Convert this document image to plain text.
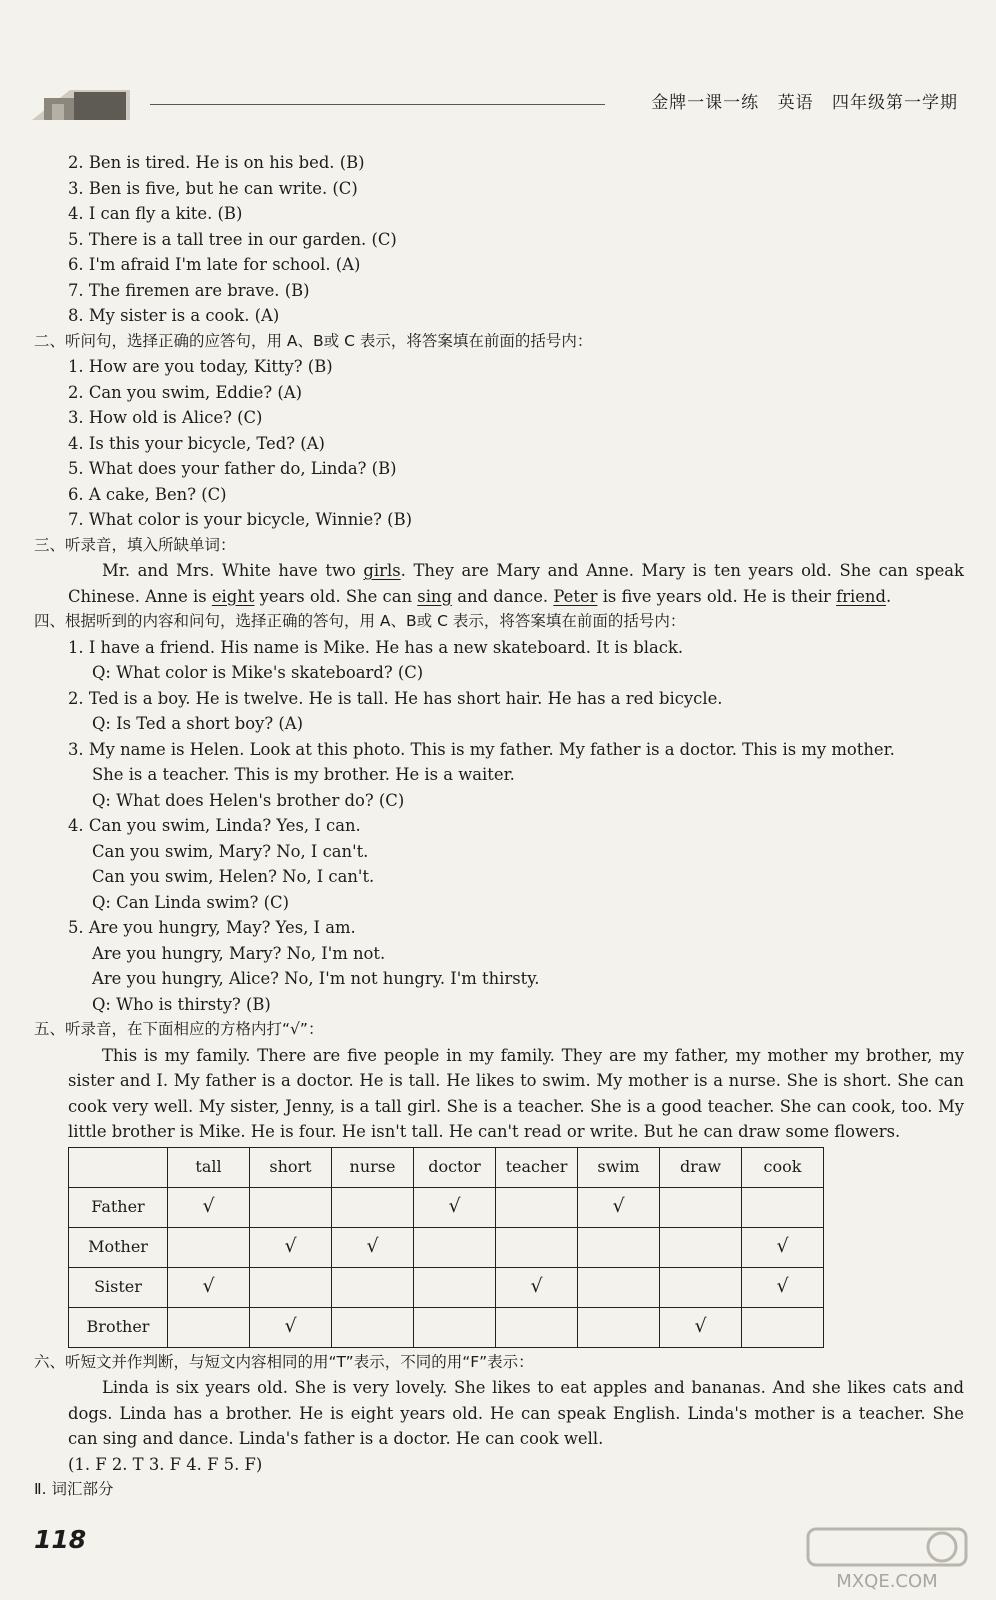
金牌一课一练 英语 四年级第一学期
2. Ben is tired. He is on his bed. (B)
3. Ben is five, but he can write. (C)
4. I can fly a kite. (B)
5. There is a tall tree in our garden. (C)
6. I'm afraid I'm late for school. (A)
7. The firemen are brave. (B)
8. My sister is a cook. (A)
二、听问句，选择正确的应答句，用 A、B或 C 表示，将答案填在前面的括号内：
1. How are you today, Kitty? (B)
2. Can you swim, Eddie? (A)
3. How old is Alice? (C)
4. Is this your bicycle, Ted? (A)
5. What does your father do, Linda? (B)
6. A cake, Ben? (C)
7. What color is your bicycle, Winnie? (B)
三、听录音，填入所缺单词：
Mr. and Mrs. White have two girls. They are Mary and Anne. Mary is ten years old. She can speak Chinese. Anne is eight years old. She can sing and dance. Peter is five years old. He is their friend.
四、根据听到的内容和问句，选择正确的答句，用 A、B或 C 表示，将答案填在前面的括号内：
1. I have a friend. His name is Mike. He has a new skateboard. It is black.
Q: What color is Mike's skateboard? (C)
2. Ted is a boy. He is twelve. He is tall. He has short hair. He has a red bicycle.
Q: Is Ted a short boy? (A)
3. My name is Helen. Look at this photo. This is my father. My father is a doctor. This is my mother.
She is a teacher. This is my brother. He is a waiter.
Q: What does Helen's brother do? (C)
4. Can you swim, Linda? Yes, I can.
Can you swim, Mary? No, I can't.
Can you swim, Helen? No, I can't.
Q: Can Linda swim? (C)
5. Are you hungry, May? Yes, I am.
Are you hungry, Mary? No, I'm not.
Are you hungry, Alice? No, I'm not hungry. I'm thirsty.
Q: Who is thirsty? (B)
五、听录音，在下面相应的方格内打“√”：
This is my family. There are five people in my family. They are my father, my mother my brother, my sister and I. My father is a doctor. He is tall. He likes to swim. My mother is a nurse. She is short. She can cook very well. My sister, Jenny, is a tall girl. She is a teacher. She is a good teacher. She can cook, too. My little brother is Mike. He is four. He isn't tall. He can't read or write. But he can draw some flowers.
	tall	short	nurse	doctor	teacher	swim	draw	cook
Father	√			√		√		
Mother		√	√					√
Sister	√				√			√
Brother		√					√	
六、听短文并作判断，与短文内容相同的用“T”表示，不同的用“F”表示：
Linda is six years old. She is very lovely. She likes to eat apples and bananas. And she likes cats and dogs. Linda has a brother. He is eight years old. He can speak English. Linda's mother is a teacher. She can sing and dance. Linda's father is a doctor. He can cook well.
(1. F 2. T 3. F 4. F 5. F)
Ⅱ. 词汇部分
118
MXQE.COM
